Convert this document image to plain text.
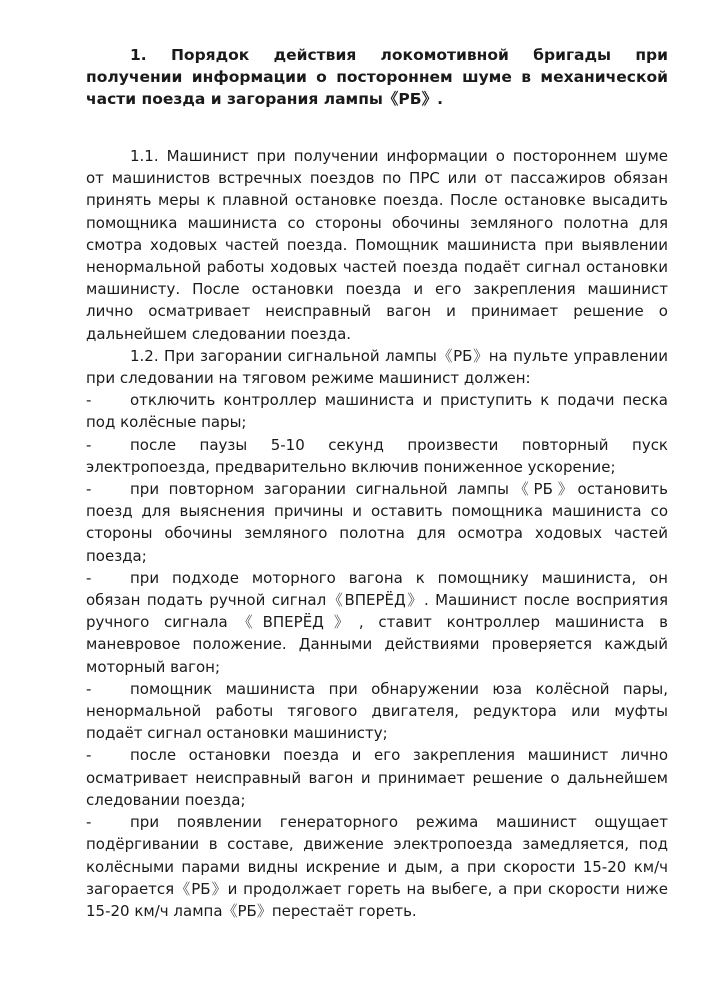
1. Порядок действия локомотивной бригады при получении информации о постороннем шуме в механической части поезда и загорания лампы《РБ》.

1.1. Машинист при получении информации о постороннем шуме от машинистов встречных поездов по ПРС или от пассажиров обязан принять меры к плавной остановке поезда. После остановке высадить помощника машиниста со стороны обочины земляного полотна для смотра ходовых частей поезда. Помощник машиниста при выявлении ненормальной работы ходовых частей поезда подаёт сигнал остановки машинисту. После остановки поезда и его закрепления машинист лично осматривает неисправный вагон и принимает решение о дальнейшем следовании поезда.

1.2. При загорании сигнальной лампы《РБ》на пульте управлении при следовании на тяговом режиме машинист должен:

-	отключить контроллер машиниста и приступить к подачи песка под колёсные пары;

-	после паузы 5-10 секунд произвести повторный пуск электропоезда, предварительно включив пониженное ускорение;

-	при повторном загорании сигнальной лампы《РБ》остановить поезд для выяснения причины и оставить помощника машиниста со стороны обочины земляного полотна для осмотра ходовых частей поезда;

-	при подходе моторного вагона к помощнику машиниста, он обязан подать ручной сигнал《ВПЕРЁД》. Машинист после восприятия ручного сигнала《ВПЕРЁД》, ставит контроллер машиниста в маневровое положение. Данными действиями проверяется каждый моторный вагон;

-	помощник машиниста при обнаружении юза колёсной пары, ненормальной работы тягового двигателя, редуктора или муфты подаёт сигнал остановки машинисту;

-	после остановки поезда и его закрепления машинист лично осматривает неисправный вагон и принимает решение о дальнейшем следовании поезда;

-	при появлении генераторного режима машинист ощущает подёргивании в составе, движение электропоезда замедляется, под колёсными парами видны искрение и дым, а при скорости 15-20 км/ч загорается《РБ》и продолжает гореть на выбеге, а при скорости ниже 15-20 км/ч лампа《РБ》перестаёт гореть.
